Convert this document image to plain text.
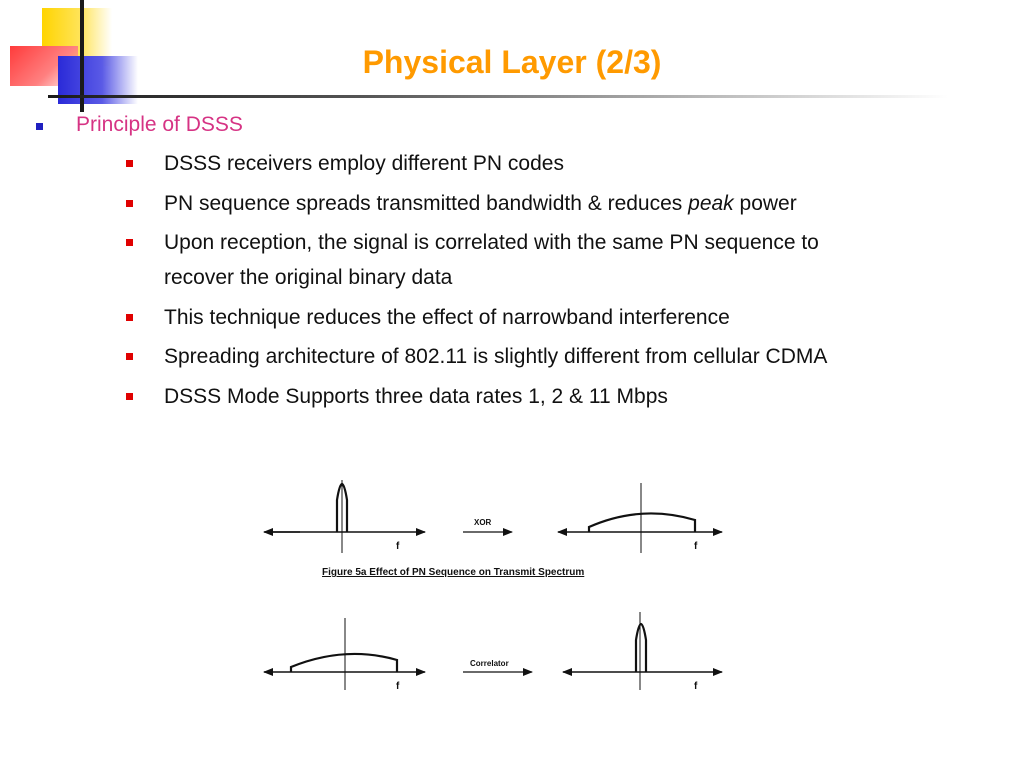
Physical Layer (2/3)
Principle of DSSS
DSSS receivers employ different PN codes
PN sequence spreads transmitted bandwidth & reduces peak power
Upon reception, the signal is correlated with the same PN sequence to
recover the original binary data
This technique reduces the effect of narrowband interference
Spreading architecture of 802.11 is slightly different from cellular CDMA
DSSS Mode Supports three data rates 1, 2 & 11 Mbps
f
XOR
f
f
Correlator
f
Figure 5a Effect of PN Sequence on Transmit Spectrum
